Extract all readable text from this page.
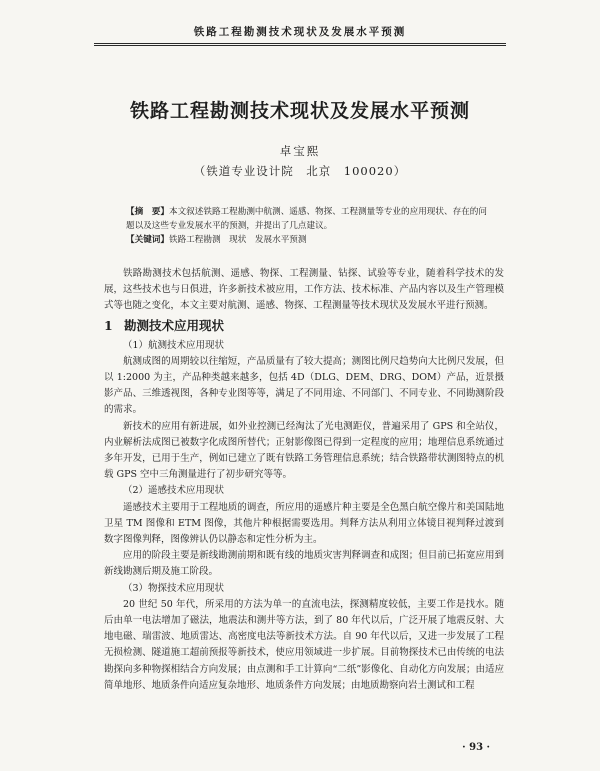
铁路工程勘测技术现状及发展水平预测
铁路工程勘测技术现状及发展水平预测
卓宝熙
（铁道专业设计院　北京　100020）
【摘　要】本文叙述铁路工程勘测中航测、遥感、物探、工程测量等专业的应用现状、存在的问题以及这些专业发展水平的预测，并提出了几点建议。
【关键词】铁路工程勘测　现状　发展水平预测

铁路勘测技术包括航测、遥感、物探、工程测量、钻探、试验等专业，随着科学技术的发展，这些技术也与日俱进，许多新技术被应用，工作方法、技术标准、产品内容以及生产管理模式等也随之变化，本文主要对航测、遥感、物探、工程测量等技术现状及发展水平进行预测。

1 勘测技术应用现状

（1）航测技术应用现状

航测成图的周期较以往缩短，产品质量有了较大提高；测图比例尺趋势向大比例尺发展，但以 1:2000 为主，产品种类越来越多，包括 4D（DLG、DEM、DRG、DOM）产品，近景摄影产品、三维透视图，各种专业图等等，满足了不同用途、不同部门、不同专业、不同勘测阶段的需求。

新技术的应用有新进展，如外业控测已经淘汰了光电测距仪，普遍采用了 GPS 和全站仪，内业解析法成图已被数字化成图所替代；正射影像图已得到一定程度的应用；地理信息系统通过多年开发，已用于生产，例如已建立了既有铁路工务管理信息系统；结合铁路带状测图特点的机载 GPS 空中三角测量进行了初步研究等等。

（2）遥感技术应用现状

遥感技术主要用于工程地质的调查，所应用的遥感片种主要是全色黑白航空像片和美国陆地卫星 TM 图像和 ETM 图像，其他片种根据需要选用。判释方法从利用立体镜目视判释过渡到数字图像判释，图像辨认仍以静态和定性分析为主。

应用的阶段主要是新线勘测前期和既有线的地质灾害判释调查和成图；但目前已拓宽应用到新线勘测后期及施工阶段。

（3）物探技术应用现状

20 世纪 50 年代，所采用的方法为单一的直流电法，探测精度较低，主要工作是找水。随后由单一电法增加了磁法，地震法和测井等方法，到了 80 年代以后，广泛开展了地震反射、大地电磁、瑞雷波、地质雷达、高密度电法等新技术方法。自 90 年代以后，又进一步发展了工程无损检测、隧道施工超前预报等新技术，使应用领域进一步扩展。目前物探技术已由传统的电法勘探向多种物探相结合方向发展；由点测和手工计算向“二纸”影像化、自动化方向发展；由适应简单地形、地质条件向适应复杂地形、地质条件方向发展；由地质勘察向岩土测试和工程

· 93 ·
